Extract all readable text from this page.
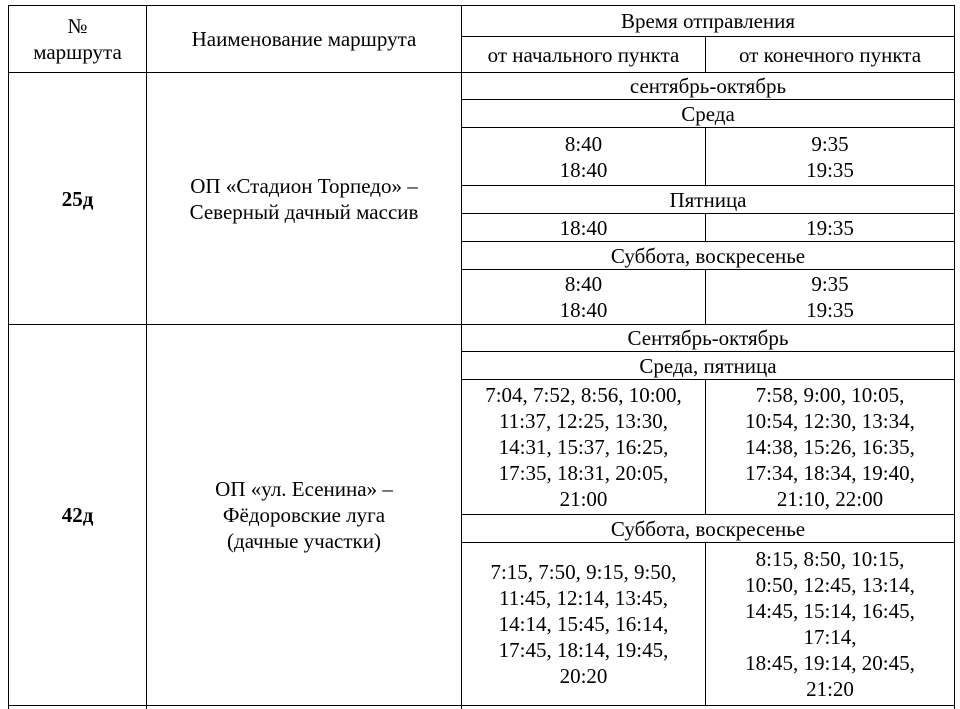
№
маршрута
Наименование маршрута
Время отправления
от начального пункта	от конечного пункта
25д
ОП «Стадион Торпедо» –
Северный дачный массив
сентябрь-октябрь
Среда
8:40
18:40
9:35
19:35
Пятница
18:40	19:35
Суббота, воскресенье
8:40
18:40
9:35
19:35
42д
ОП «ул. Есенина» –
Фёдоровские луга
(дачные участки)
Сентябрь-октябрь
Среда, пятница
7:04, 7:52, 8:56, 10:00,
11:37, 12:25, 13:30,
14:31, 15:37, 16:25,
17:35, 18:31, 20:05,
21:00
7:58, 9:00, 10:05,
10:54, 12:30, 13:34,
14:38, 15:26, 16:35,
17:34, 18:34, 19:40,
21:10, 22:00
Суббота, воскресенье
7:15, 7:50, 9:15, 9:50,
11:45, 12:14, 13:45,
14:14, 15:45, 16:14,
17:45, 18:14, 19:45,
20:20
8:15, 8:50, 10:15,
10:50, 12:45, 13:14,
14:45, 15:14, 16:45,
17:14,
18:45, 19:14, 20:45,
21:20
